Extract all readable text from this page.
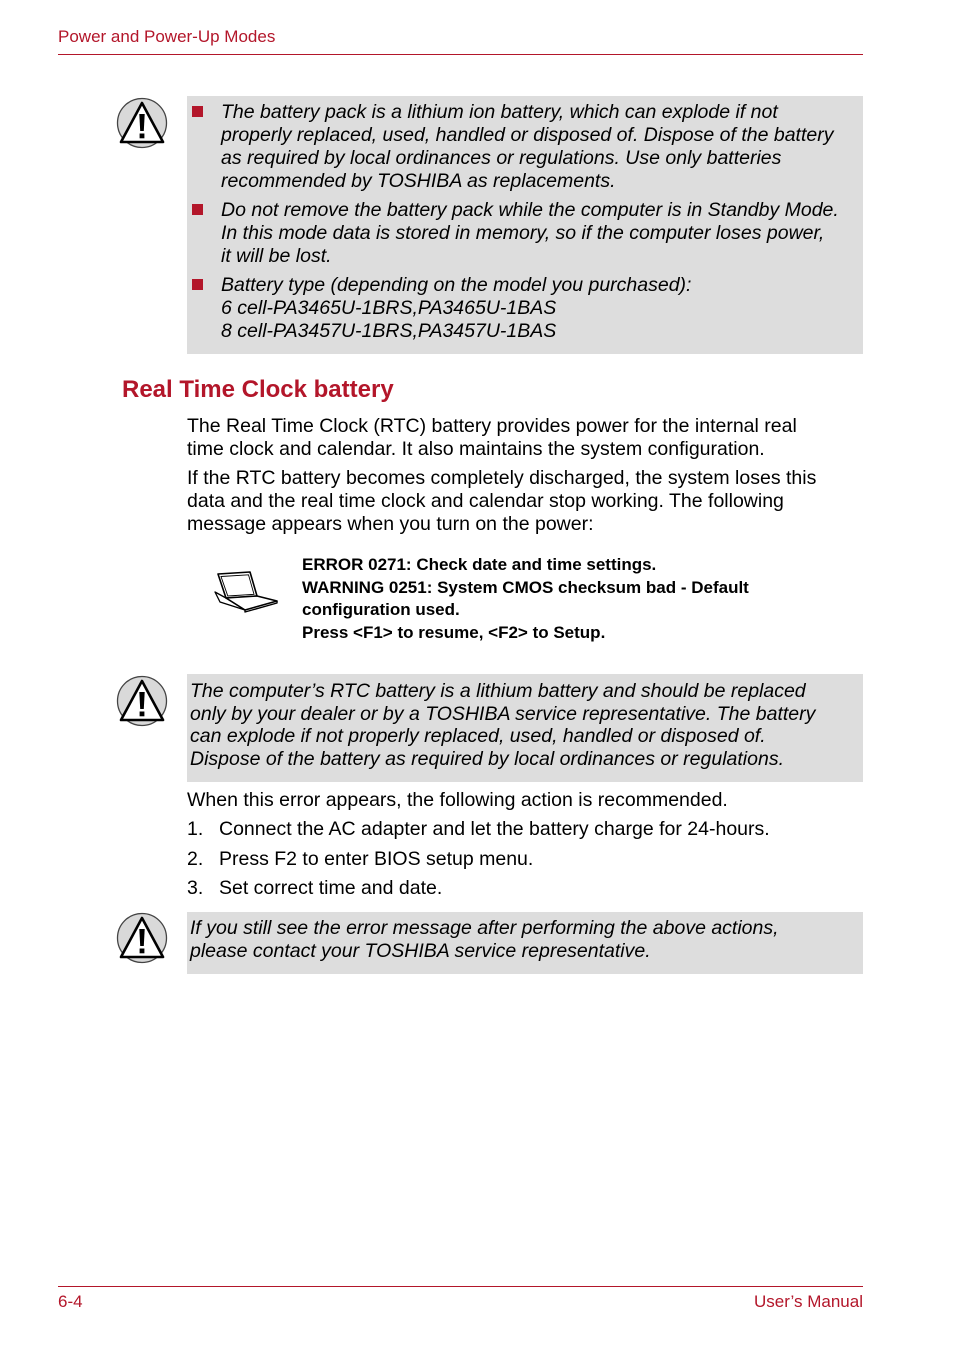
Power and Power-Up Modes
The battery pack is a lithium ion battery, which can explode if not
properly replaced, used, handled or disposed of. Dispose of the battery
as required by local ordinances or regulations. Use only batteries
recommended by TOSHIBA as replacements.
Do not remove the battery pack while the computer is in Standby Mode.
In this mode data is stored in memory, so if the computer loses power,
it will be lost.
Battery type (depending on the model you purchased):
6 cell-PA3465U-1BRS,PA3465U-1BAS
8 cell-PA3457U-1BRS,PA3457U-1BAS
Real Time Clock battery
The Real Time Clock (RTC) battery provides power for the internal real
time clock and calendar. It also maintains the system configuration.
If the RTC battery becomes completely discharged, the system loses this
data and the real time clock and calendar stop working. The following
message appears when you turn on the power:
ERROR 0271: Check date and time settings.
WARNING 0251: System CMOS checksum bad - Default
configuration used.
Press <F1> to resume, <F2> to Setup.
The computer’s RTC battery is a lithium battery and should be replaced
only by your dealer or by a TOSHIBA service representative. The battery
can explode if not properly replaced, used, handled or disposed of.
Dispose of the battery as required by local ordinances or regulations.
When this error appears, the following action is recommended.
1. Connect the AC adapter and let the battery charge for 24-hours.
2. Press F2 to enter BIOS setup menu.
3. Set correct time and date.
If you still see the error message after performing the above actions,
please contact your TOSHIBA service representative.
6-4	User’s Manual
